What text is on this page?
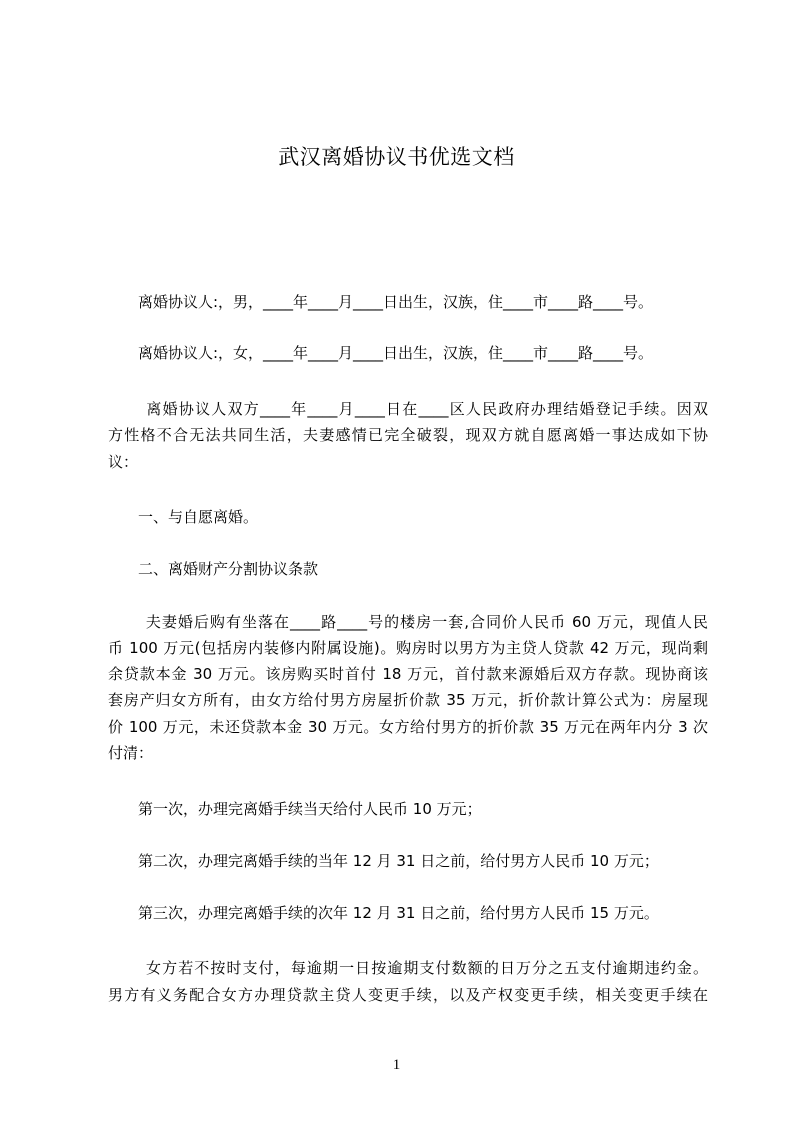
武汉离婚协议书优选文档
　　离婚协议人:，男，____年____月____日出生，汉族，住____市____路____号。
　　离婚协议人:，女，____年____月____日出生，汉族，住____市____路____号。
　　 离婚协议人双方____年____月____日在____区人民政府办理结婚登记手续。因双
方性格不合无法共同生活，夫妻感情已完全破裂，现双方就自愿离婚一事达成如下协
议：
　　一、与自愿离婚。
　　二、离婚财产分割协议条款
　　 夫妻婚后购有坐落在____路____号的楼房一套,合同价人民币 60 万元，现值人民
币 100 万元(包括房内装修内附属设施)。购房时以男方为主贷人贷款 42 万元，现尚剩
余贷款本金 30 万元。该房购买时首付 18 万元，首付款来源婚后双方存款。现协商该
套房产归女方所有，由女方给付男方房屋折价款 35 万元，折价款计算公式为：房屋现
价 100 万元，未还贷款本金 30 万元。女方给付男方的折价款 35 万元在两年内分 3 次
付清：
　　第一次，办理完离婚手续当天给付人民币 10 万元；
　　第二次，办理完离婚手续的当年 12 月 31 日之前，给付男方人民币 10 万元；
　　第三次，办理完离婚手续的次年 12 月 31 日之前，给付男方人民币 15 万元。
　　 女方若不按时支付，每逾期一日按逾期支付数额的日万分之五支付逾期违约金。
男方有义务配合女方办理贷款主贷人变更手续，以及产权变更手续，相关变更手续在
1
